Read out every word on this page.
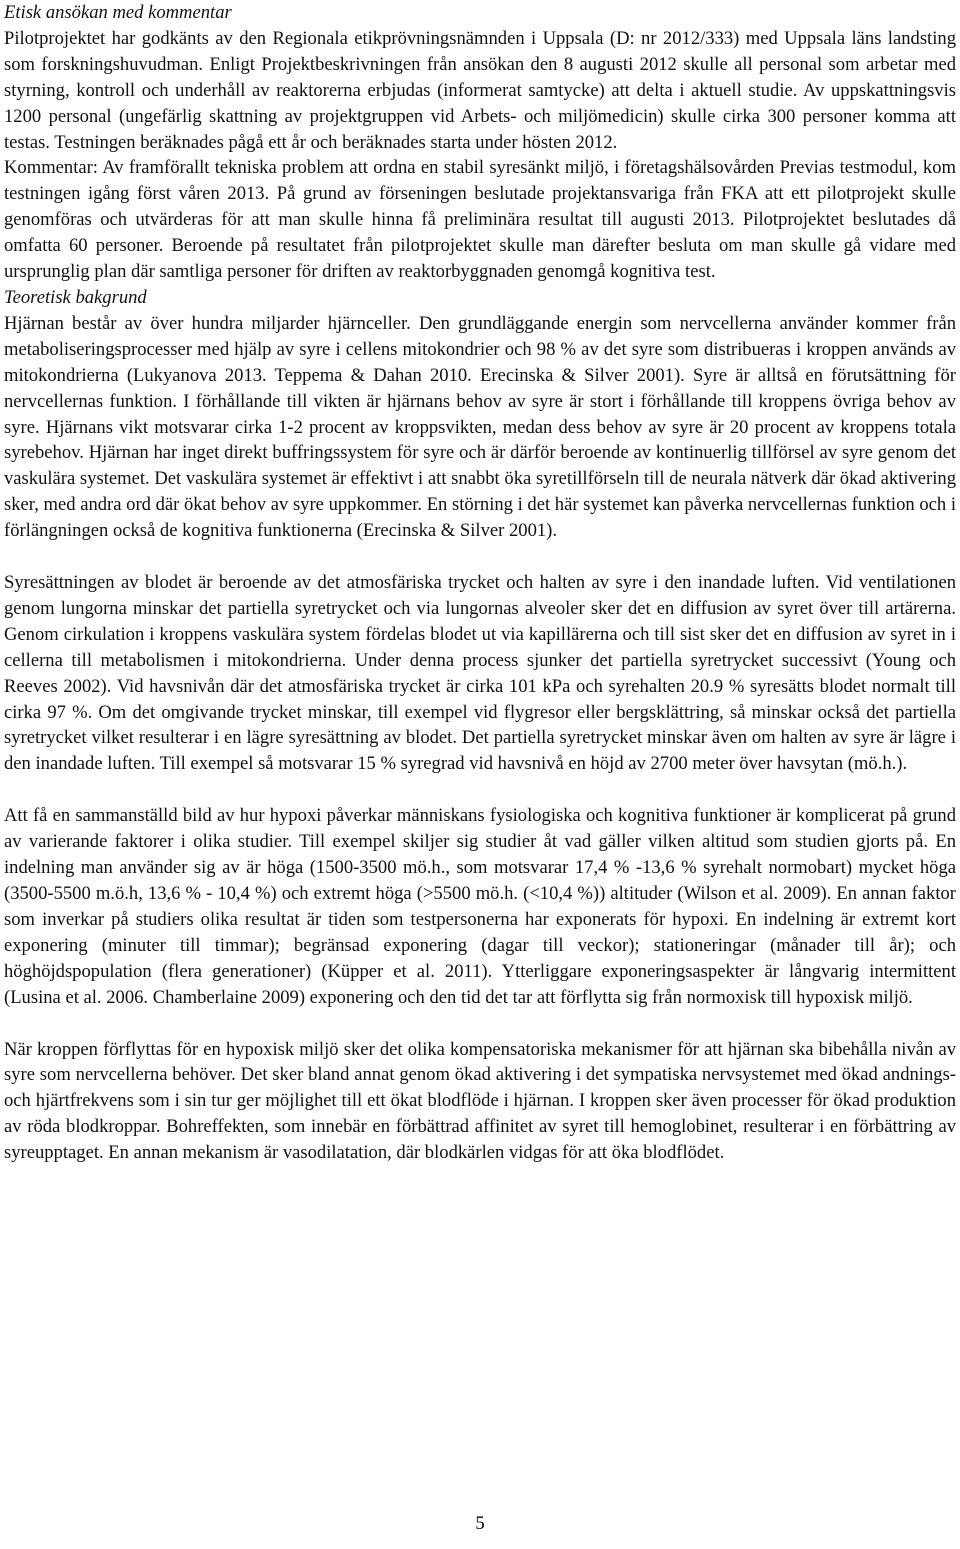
Etisk ansökan med kommentar

Pilotprojektet har godkänts av den Regionala etikprövningsnämnden i Uppsala (D: nr 2012/333) med Uppsala läns landsting som forskningshuvudman. Enligt Projektbeskrivningen från ansökan den 8 augusti 2012 skulle all personal som arbetar med styrning, kontroll och underhåll av reaktorerna erbjudas (informerat samtycke) att delta i aktuell studie. Av uppskattningsvis 1200 personal (ungefärlig skattning av projektgruppen vid Arbets- och miljömedicin) skulle cirka 300 personer komma att testas. Testningen beräknades pågå ett år och beräknades starta under hösten 2012.

Kommentar: Av framförallt tekniska problem att ordna en stabil syresänkt miljö, i företagshälsovården Previas testmodul, kom testningen igång först våren 2013. På grund av förseningen beslutade projektansvariga från FKA att ett pilotprojekt skulle genomföras och utvärderas för att man skulle hinna få preliminära resultat till augusti 2013. Pilotprojektet beslutades då omfatta 60 personer. Beroende på resultatet från pilotprojektet skulle man därefter besluta om man skulle gå vidare med ursprunglig plan där samtliga personer för driften av reaktorbyggnaden genomgå kognitiva test.

Teoretisk bakgrund

Hjärnan består av över hundra miljarder hjärnceller. Den grundläggande energin som nervcellerna använder kommer från metaboliseringsprocesser med hjälp av syre i cellens mitokondrier och 98 % av det syre som distribueras i kroppen används av mitokondrierna (Lukyanova 2013. Teppema & Dahan 2010. Erecinska & Silver 2001). Syre är alltså en förutsättning för nervcellernas funktion. I förhållande till vikten är hjärnans behov av syre är stort i förhållande till kroppens övriga behov av syre. Hjärnans vikt motsvarar cirka 1-2 procent av kroppsvikten, medan dess behov av syre är 20 procent av kroppens totala syrebehov. Hjärnan har inget direkt buffringssystem för syre och är därför beroende av kontinuerlig tillförsel av syre genom det vaskulära systemet. Det vaskulära systemet är effektivt i att snabbt öka syretillförseln till de neurala nätverk där ökad aktivering sker, med andra ord där ökat behov av syre uppkommer. En störning i det här systemet kan påverka nervcellernas funktion och i förlängningen också de kognitiva funktionerna (Erecinska & Silver 2001).

Syresättningen av blodet är beroende av det atmosfäriska trycket och halten av syre i den inandade luften. Vid ventilationen genom lungorna minskar det partiella syretrycket och via lungornas alveoler sker det en diffusion av syret över till artärerna. Genom cirkulation i kroppens vaskulära system fördelas blodet ut via kapillärerna och till sist sker det en diffusion av syret in i cellerna till metabolismen i mitokondrierna. Under denna process sjunker det partiella syretrycket successivt (Young och Reeves 2002). Vid havsnivån där det atmosfäriska trycket är cirka 101 kPa och syrehalten 20.9 % syresätts blodet normalt till cirka 97 %. Om det omgivande trycket minskar, till exempel vid flygresor eller bergsklättring, så minskar också det partiella syretrycket vilket resulterar i en lägre syresättning av blodet. Det partiella syretrycket minskar även om halten av syre är lägre i den inandade luften. Till exempel så motsvarar 15 % syregrad vid havsnivå en höjd av 2700 meter över havsytan (mö.h.).

Att få en sammanställd bild av hur hypoxi påverkar människans fysiologiska och kognitiva funktioner är komplicerat på grund av varierande faktorer i olika studier. Till exempel skiljer sig studier åt vad gäller vilken altitud som studien gjorts på. En indelning man använder sig av är höga (1500-3500 mö.h., som motsvarar 17,4 % -13,6 % syrehalt normobart) mycket höga (3500-5500 m.ö.h, 13,6 % - 10,4 %) och extremt höga (>5500 mö.h. (<10,4 %)) altituder (Wilson et al. 2009). En annan faktor som inverkar på studiers olika resultat är tiden som testpersonerna har exponerats för hypoxi. En indelning är extremt kort exponering (minuter till timmar); begränsad exponering (dagar till veckor); stationeringar (månader till år); och höghöjdspopulation (flera generationer) (Küpper et al. 2011). Ytterliggare exponeringsaspekter är långvarig intermittent (Lusina et al. 2006. Chamberlaine 2009) exponering och den tid det tar att förflytta sig från normoxisk till hypoxisk miljö.

När kroppen förflyttas för en hypoxisk miljö sker det olika kompensatoriska mekanismer för att hjärnan ska bibehålla nivån av syre som nervcellerna behöver. Det sker bland annat genom ökad aktivering i det sympatiska nervsystemet med ökad andnings- och hjärtfrekvens som i sin tur ger möjlighet till ett ökat blodflöde i hjärnan. I kroppen sker även processer för ökad produktion av röda blodkroppar. Bohreffekten, som innebär en förbättrad affinitet av syret till hemoglobinet, resulterar i en förbättring av syreupptaget. En annan mekanism är vasodilatation, där blodkärlen vidgas för att öka blodflödet.

5
